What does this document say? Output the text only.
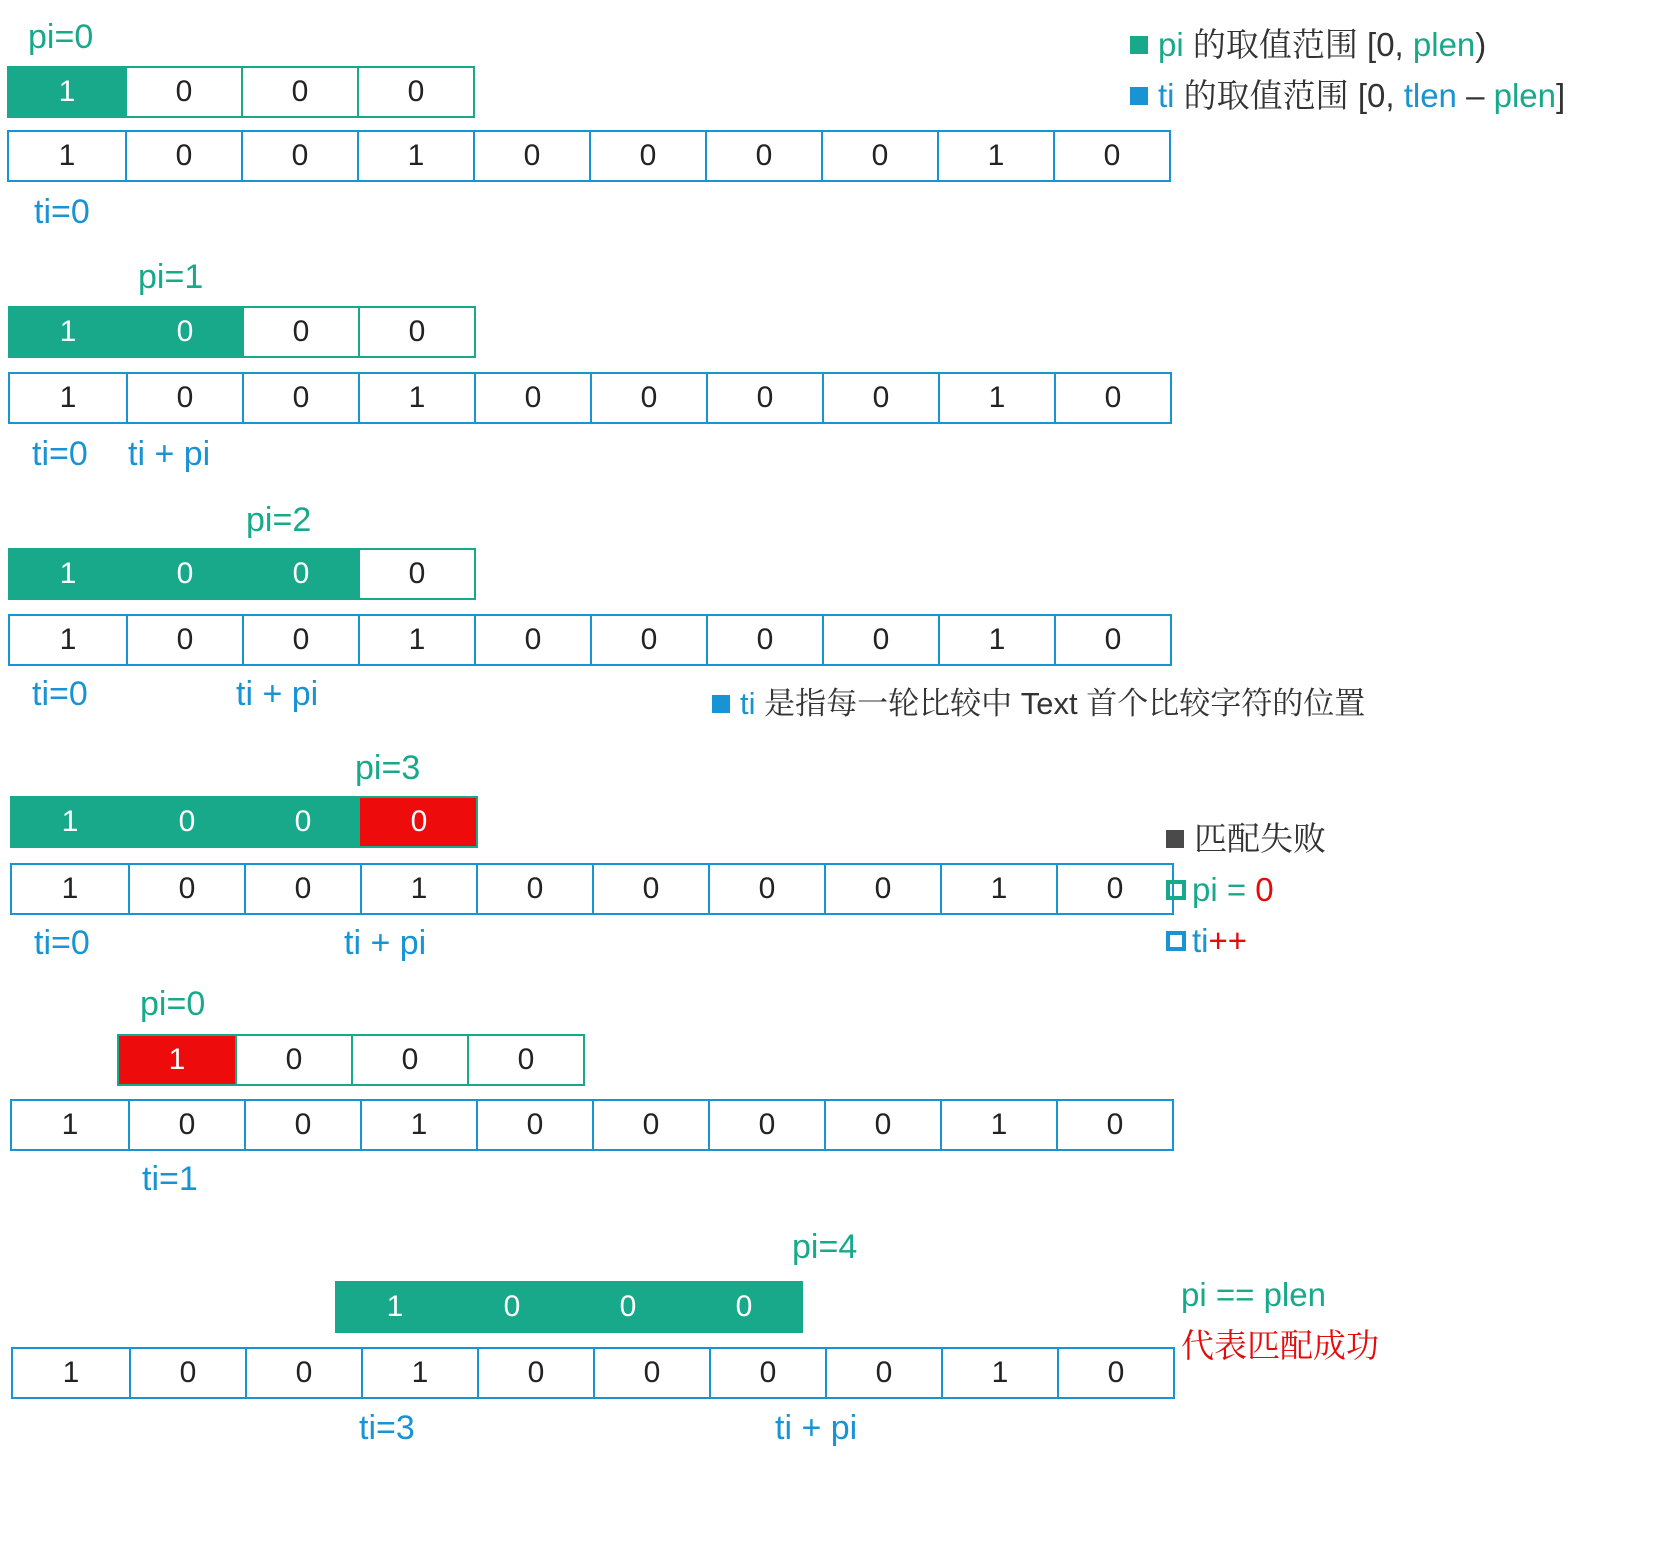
pi=0
1	0	0	0
1	0	0	1	0	0	0	0	1	0
ti=0
pi=1
1	0	0	0
1	0	0	1	0	0	0	0	1	0
ti=0 ti + pi
pi=2
1	0	0	0
1	0	0	1	0	0	0	0	1	0
ti=0	ti + pi	ti 是指每一轮比较中 Text 首个比较字符的位置
pi=3
1	0	0	0
1	0	0	1	0	0	0	0	1	0
ti=0	ti + pi
pi=0
1	0	0	0
1	0	0	1	0	0	0	0	1	0
ti=1
pi=4
1	0	0	0
1	0	0	1	0	0	0	0	1	0
ti=3	ti + pi
pi 的取值范围 [0, plen )
ti 的取值范围 [0, tlen – plen ]
匹配失败
pi = 0
ti ++
pi == plen
代表匹配成功
